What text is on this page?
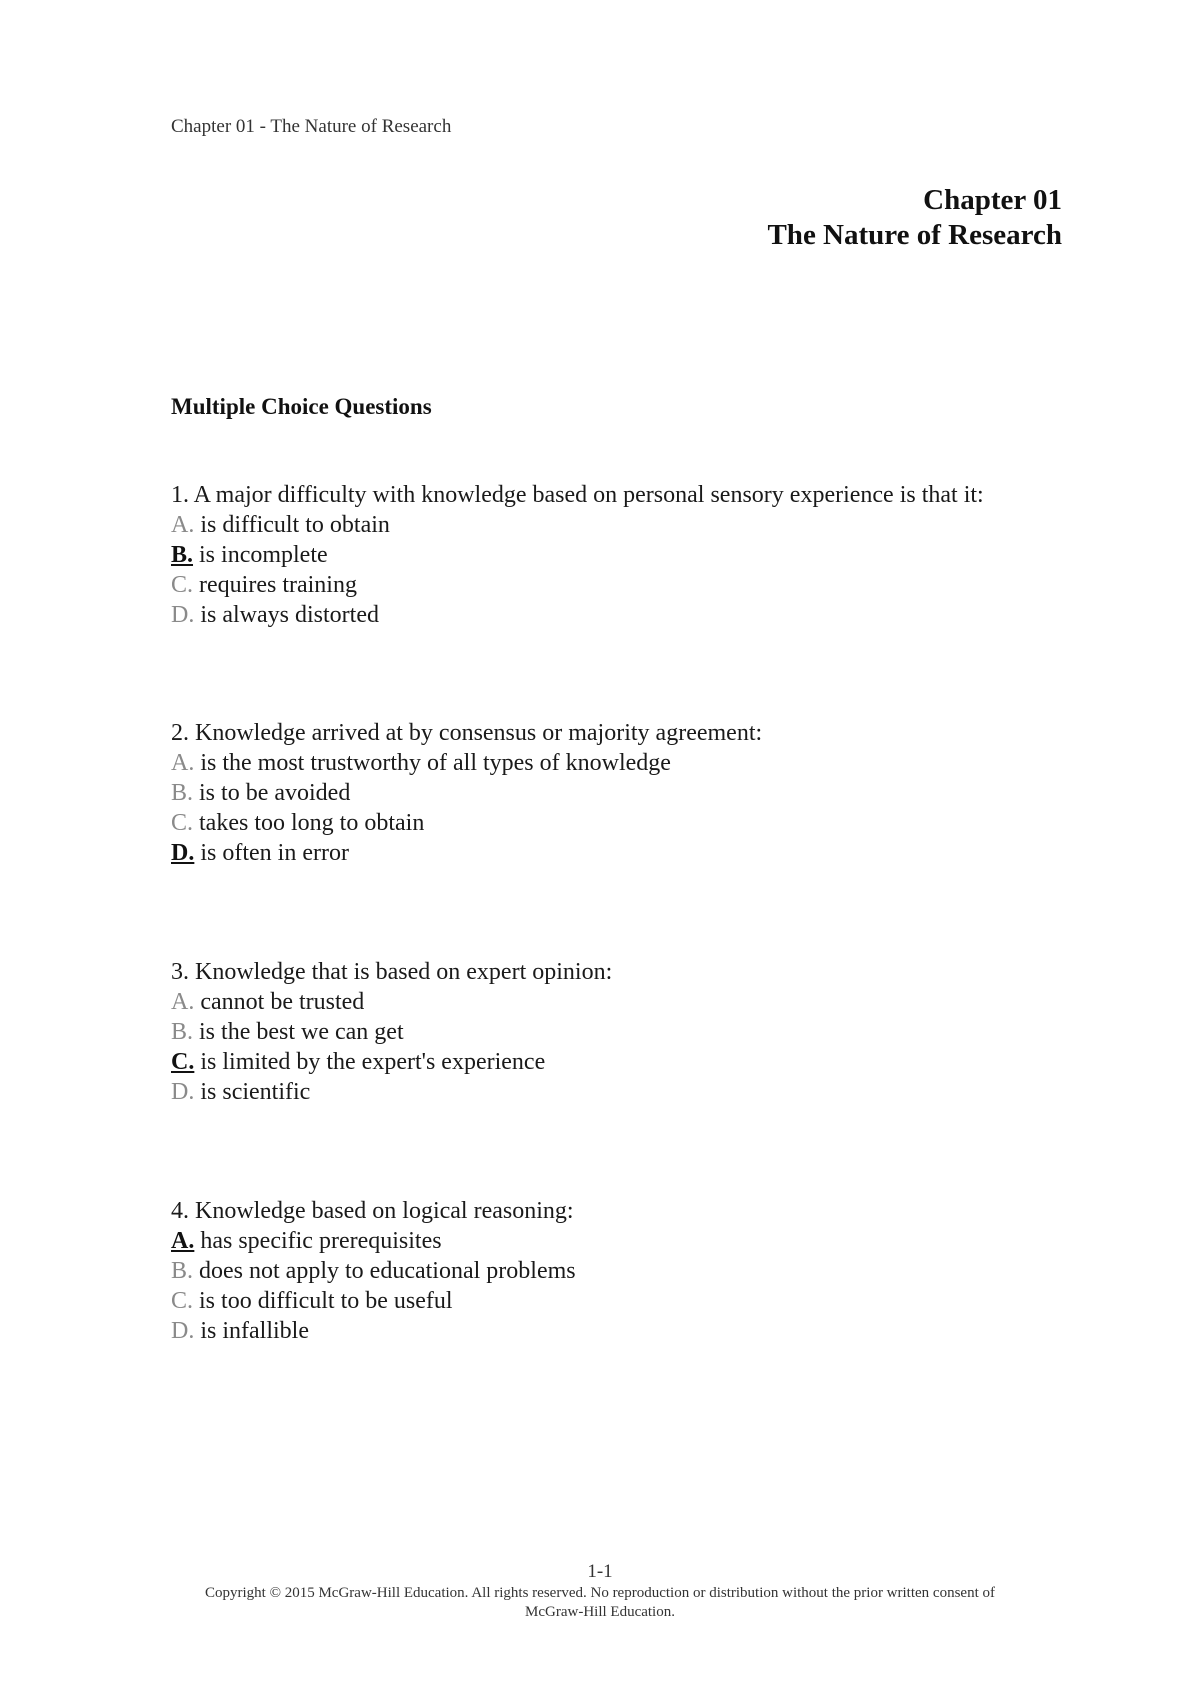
Chapter 01 - The Nature of Research
Chapter 01
The Nature of Research
Multiple Choice Questions
1. A major difficulty with knowledge based on personal sensory experience is that it:
A. is difficult to obtain
B. is incomplete
C. requires training
D. is always distorted
2. Knowledge arrived at by consensus or majority agreement:
A. is the most trustworthy of all types of knowledge
B. is to be avoided
C. takes too long to obtain
D. is often in error
3. Knowledge that is based on expert opinion:
A. cannot be trusted
B. is the best we can get
C. is limited by the expert's experience
D. is scientific
4. Knowledge based on logical reasoning:
A. has specific prerequisites
B. does not apply to educational problems
C. is too difficult to be useful
D. is infallible
1-1
Copyright © 2015 McGraw-Hill Education. All rights reserved. No reproduction or distribution without the prior written consent of
McGraw-Hill Education.
